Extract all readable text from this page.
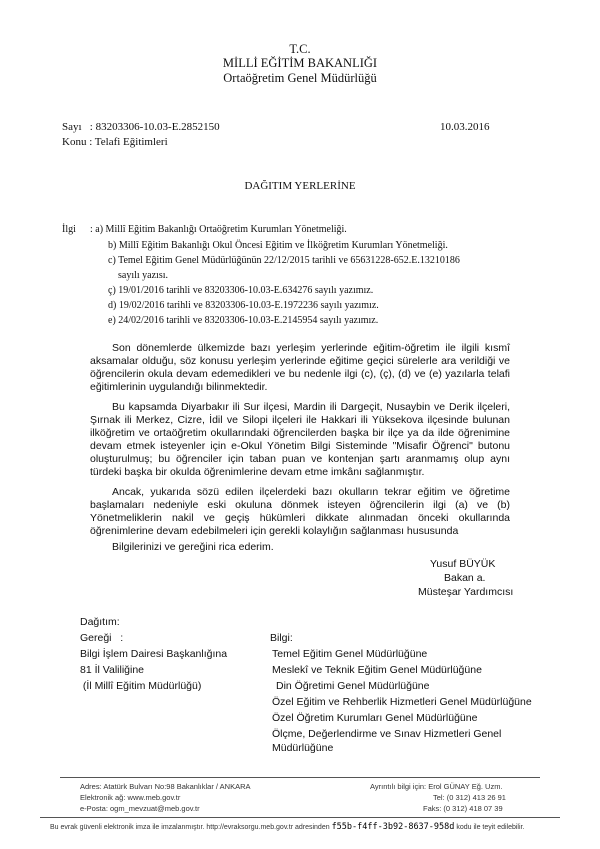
T.C.
MİLLİ EĞİTİM BAKANLIĞI
Ortaöğretim Genel Müdürlüğü
Sayı   : 83203306-10.03-E.2852150	10.03.2016
Konu : Telafi Eğitimleri
DAĞITIM YERLERİNE
İlgi : a) Millî Eğitim Bakanlığı Ortaöğretim Kurumları Yönetmeliği.
b) Millî Eğitim Bakanlığı Okul Öncesi Eğitim ve İlköğretim Kurumları Yönetmeliği.
c) Temel Eğitim Genel Müdürlüğünün 22/12/2015 tarihli ve 65631228-652.E.13210186
sayılı yazısı.
ç) 19/01/2016 tarihli ve 83203306-10.03-E.634276 sayılı yazımız.
d) 19/02/2016 tarihli ve 83203306-10.03-E.1972236 sayılı yazımız.
e) 24/02/2016 tarihli ve 83203306-10.03-E.2145954 sayılı yazımız.

Son dönemlerde ülkemizde bazı yerleşim yerlerinde eğitim-öğretim ile ilgili kısmî aksamalar olduğu, söz konusu yerleşim yerlerinde eğitime geçici sürelerle ara verildiği ve öğrencilerin okula devam edemedikleri ve bu nedenle ilgi (c), (ç), (d) ve (e) yazılarla telafi eğitimlerinin uygulandığı bilinmektedir.

Bu kapsamda Diyarbakır ili Sur ilçesi, Mardin ili Dargeçit, Nusaybin ve Derik ilçeleri, Şırnak ili Merkez, Cizre, İdil ve Silopi ilçeleri ile Hakkari ili Yüksekova ilçesinde bulunan ilköğretim ve ortaöğretim okullarındaki öğrencilerden başka bir ilçe ya da ilde öğrenimine devam etmek isteyenler için e-Okul Yönetim Bilgi Sisteminde "Misafir Öğrenci" butonu oluşturulmuş; bu öğrenciler için taban puan ve kontenjan şartı aranmamış olup aynı türdeki başka bir okulda öğrenimlerine devam etme imkânı sağlanmıştır.

Ancak, yukarıda sözü edilen ilçelerdeki bazı okulların tekrar eğitim ve öğretime başlamaları nedeniyle eski okuluna dönmek isteyen öğrencilerin ilgi (a) ve (b) Yönetmeliklerin nakil ve geçiş hükümleri dikkate alınmadan önceki okullarında öğrenimlerine devam edebilmeleri için gerekli kolaylığın sağlanması hususunda

Bilgilerinizi ve gereğini rica ederim.

Yusuf BÜYÜK
Bakan a.
Müsteşar Yardımcısı
Dağıtım:
Gereği   :
Bilgi İşlem Dairesi Başkanlığına
81 İl Valiliğine
(İl Millî Eğitim Müdürlüğü)
Bilgi:
Temel Eğitim Genel Müdürlüğüne
Meslekî ve Teknik Eğitim Genel Müdürlüğüne
Din Öğretimi Genel Müdürlüğüne
Özel Eğitim ve Rehberlik Hizmetleri Genel Müdürlüğüne
Özel Öğretim Kurumları Genel Müdürlüğüne
Ölçme, Değerlendirme ve Sınav Hizmetleri Genel
Müdürlüğüne
Adres: Atatürk Bulvarı No:98 Bakanlıklar / ANKARA
Elektronik ağ: www.meb.gov.tr
e-Posta: ogm_mevzuat@meb.gov.tr
Ayrıntılı bilgi için: Erol GÜNAY Eğ. Uzm.
Tel: (0 312) 413 26 91
Faks: (0 312) 418 07 39
Bu evrak güvenli elektronik imza ile imzalanmıştır. http://evraksorgu.meb.gov.tr adresinden f55b-f4ff-3b92-8637-958d kodu ile teyit edilebilir.
